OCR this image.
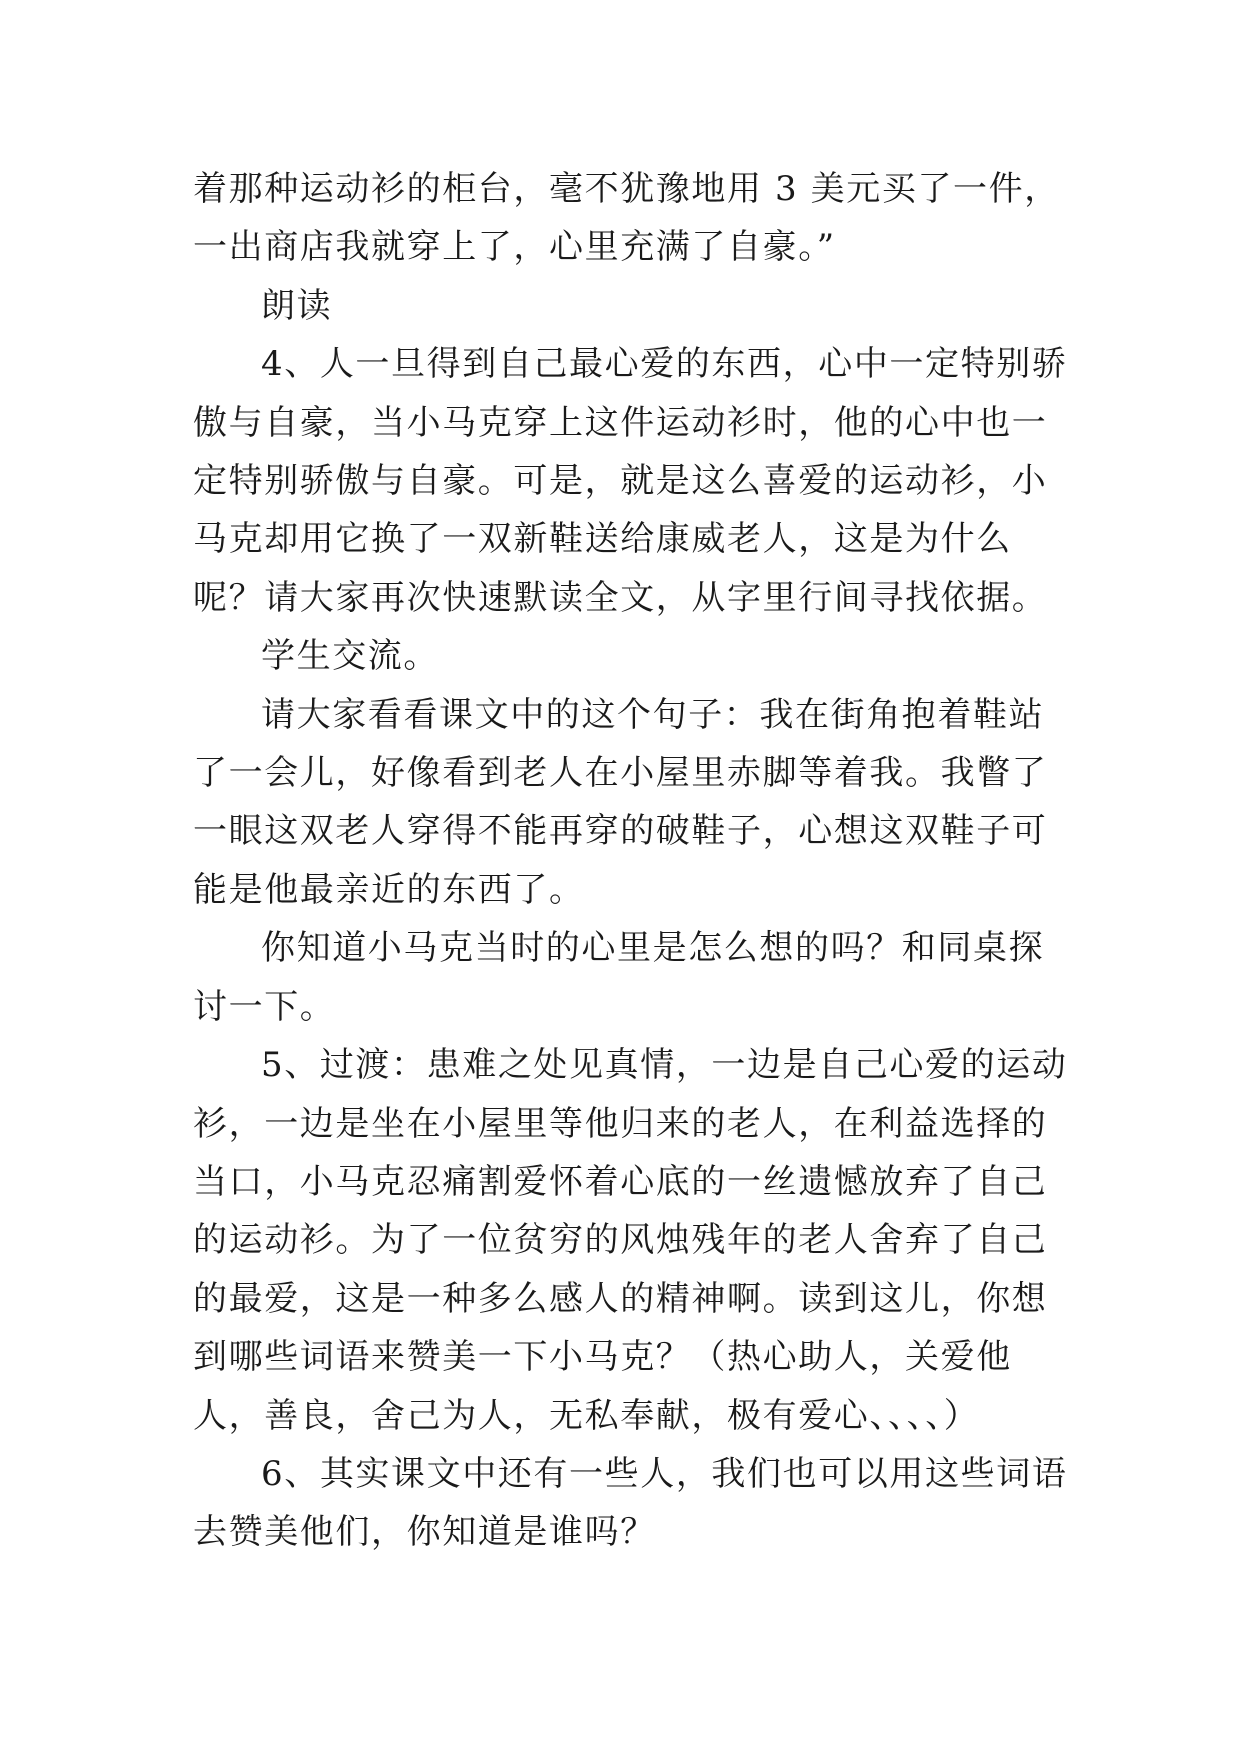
着那种运动衫的柜台，毫不犹豫地用 3 美元买了一件，一出商店我就穿上了，心里充满了自豪。”

朗读

4、人一旦得到自己最心爱的东西，心中一定特别骄傲与自豪，当小马克穿上这件运动衫时，他的心中也一定特别骄傲与自豪。可是，就是这么喜爱的运动衫，小马克却用它换了一双新鞋送给康威老人，这是为什么呢？请大家再次快速默读全文，从字里行间寻找依据。

学生交流。

请大家看看课文中的这个句子：我在街角抱着鞋站了一会儿，好像看到老人在小屋里赤脚等着我。我瞥了一眼这双老人穿得不能再穿的破鞋子，心想这双鞋子可能是他最亲近的东西了。

你知道小马克当时的心里是怎么想的吗？和同桌探讨一下。

5、过渡：患难之处见真情，一边是自己心爱的运动衫，一边是坐在小屋里等他归来的老人，在利益选择的当口，小马克忍痛割爱怀着心底的一丝遗憾放弃了自己的运动衫。为了一位贫穷的风烛残年的老人舍弃了自己的最爱，这是一种多么感人的精神啊。读到这儿，你想到哪些词语来赞美一下小马克？（热心助人，关爱他人，善良，舍己为人，无私奉献，极有爱心、、、、）

6、其实课文中还有一些人，我们也可以用这些词语去赞美他们，你知道是谁吗？
